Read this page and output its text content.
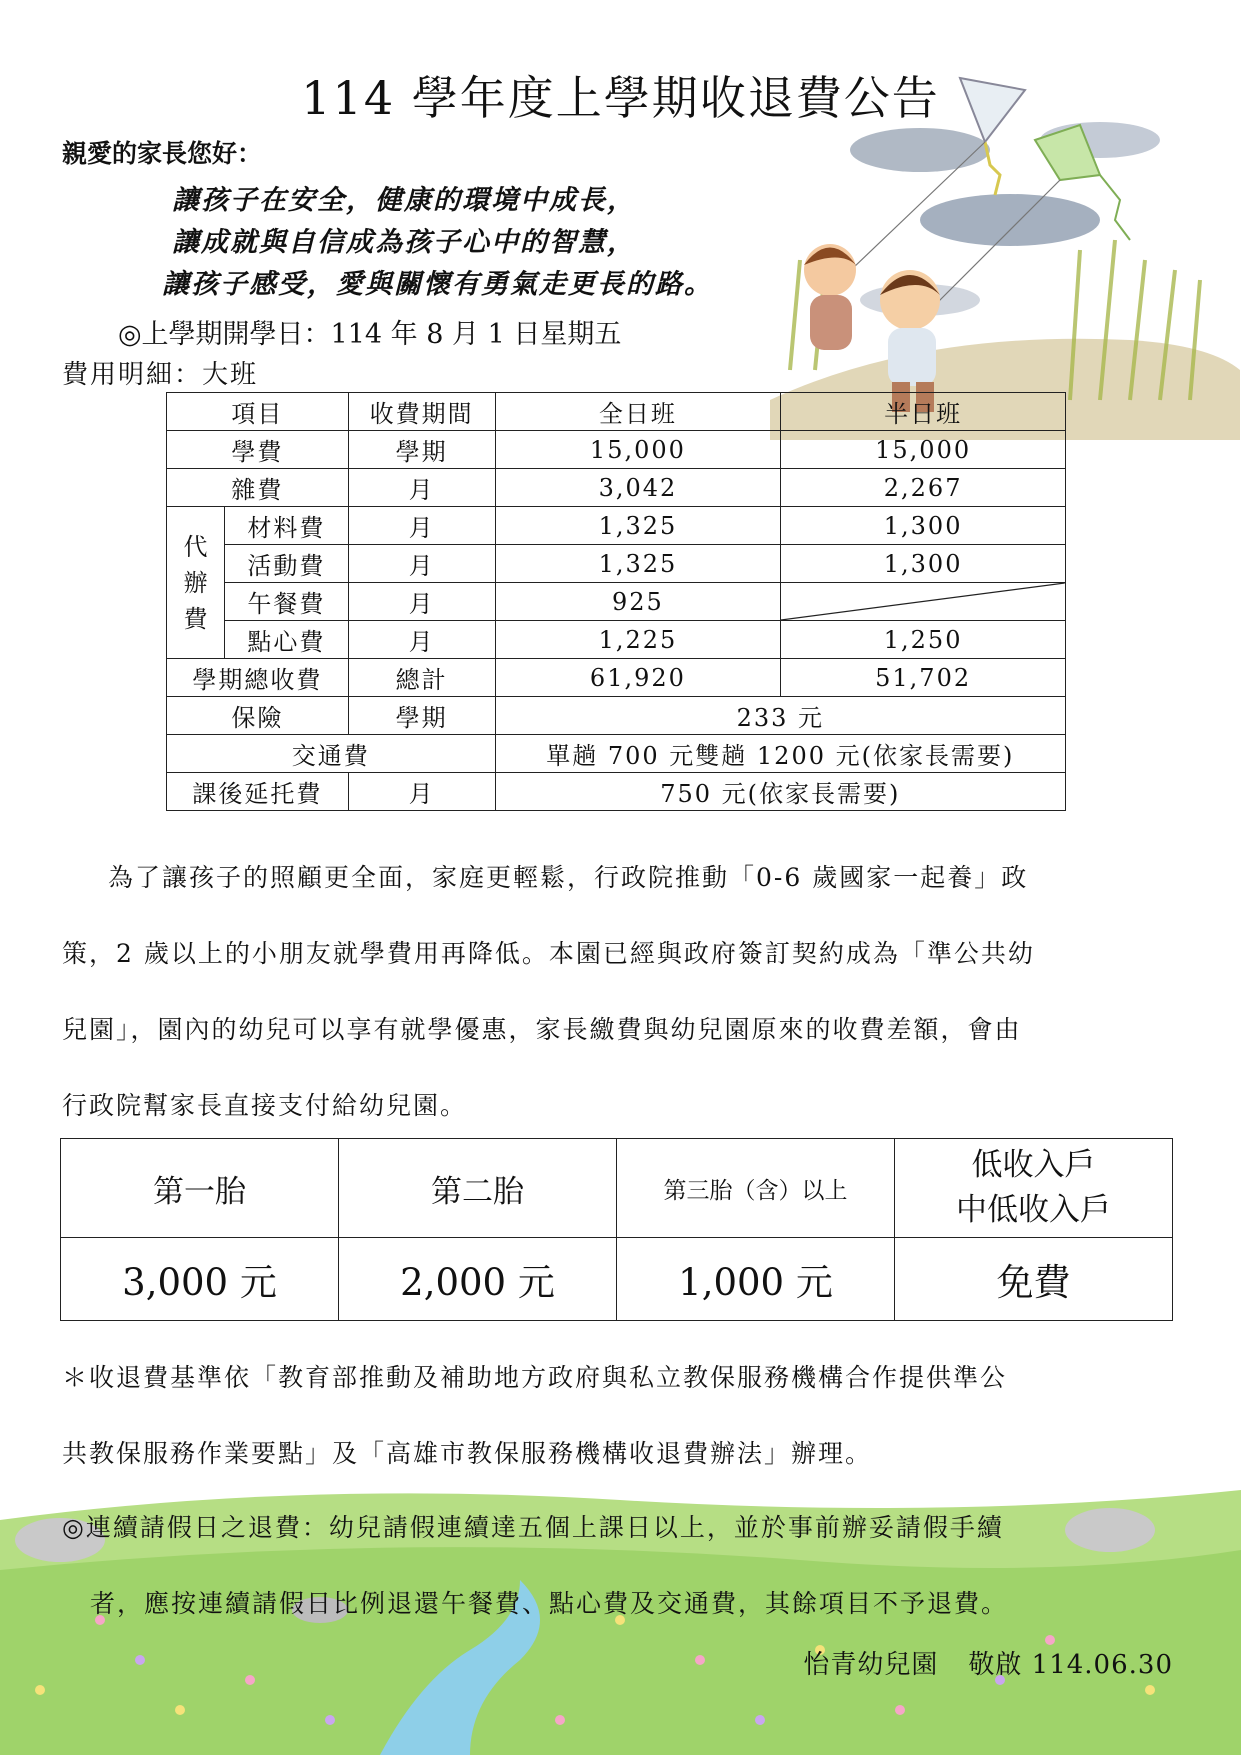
114 學年度上學期收退費公告
親愛的家長您好：
讓孩子在安全，健康的環境中成長，
讓成就與自信成為孩子心中的智慧，
讓孩子感受，愛與關懷有勇氣走更長的路。
◎上學期開學日：114 年 8 月 1 日星期五
費用明細：大班
項目		收費期間	全日班	半日班
學費		學期	15,000	15,000
雜費		月	3,042	2,267
代辦費	材料費	月	1,325	1,300
	活動費	月	1,325	1,300
	午餐費	月	925	

	點心費	月	1,225	1,250
學期總收費		總計	61,920	51,702
保險		學期	233 元	
交通費			單趟 700 元雙趟 1200 元(依家長需要)	
課後延托費		月	750 元(依家長需要)	
為了讓孩子的照顧更全面，家庭更輕鬆，行政院推動「0-6 歲國家一起養」政
策，2 歲以上的小朋友就學費用再降低。本園已經與政府簽訂契約成為「準公共幼
兒園」，園內的幼兒可以享有就學優惠，家長繳費與幼兒園原來的收費差額，會由
行政院幫家長直接支付給幼兒園。
第一胎	第二胎	第三胎（含）以上	低收入戶
中低收入戶

3,000 元	2,000 元	1,000 元	免費
＊收退費基準依「教育部推動及補助地方政府與私立教保服務機構合作提供準公
共教保服務作業要點」及「高雄市教保服務機構收退費辦法」辦理。
◎連續請假日之退費：幼兒請假連續達五個上課日以上，並於事前辦妥請假手續
者，應按連續請假日比例退還午餐費、點心費及交通費，其餘項目不予退費。
怡青幼兒園 敬啟 114.06.30
